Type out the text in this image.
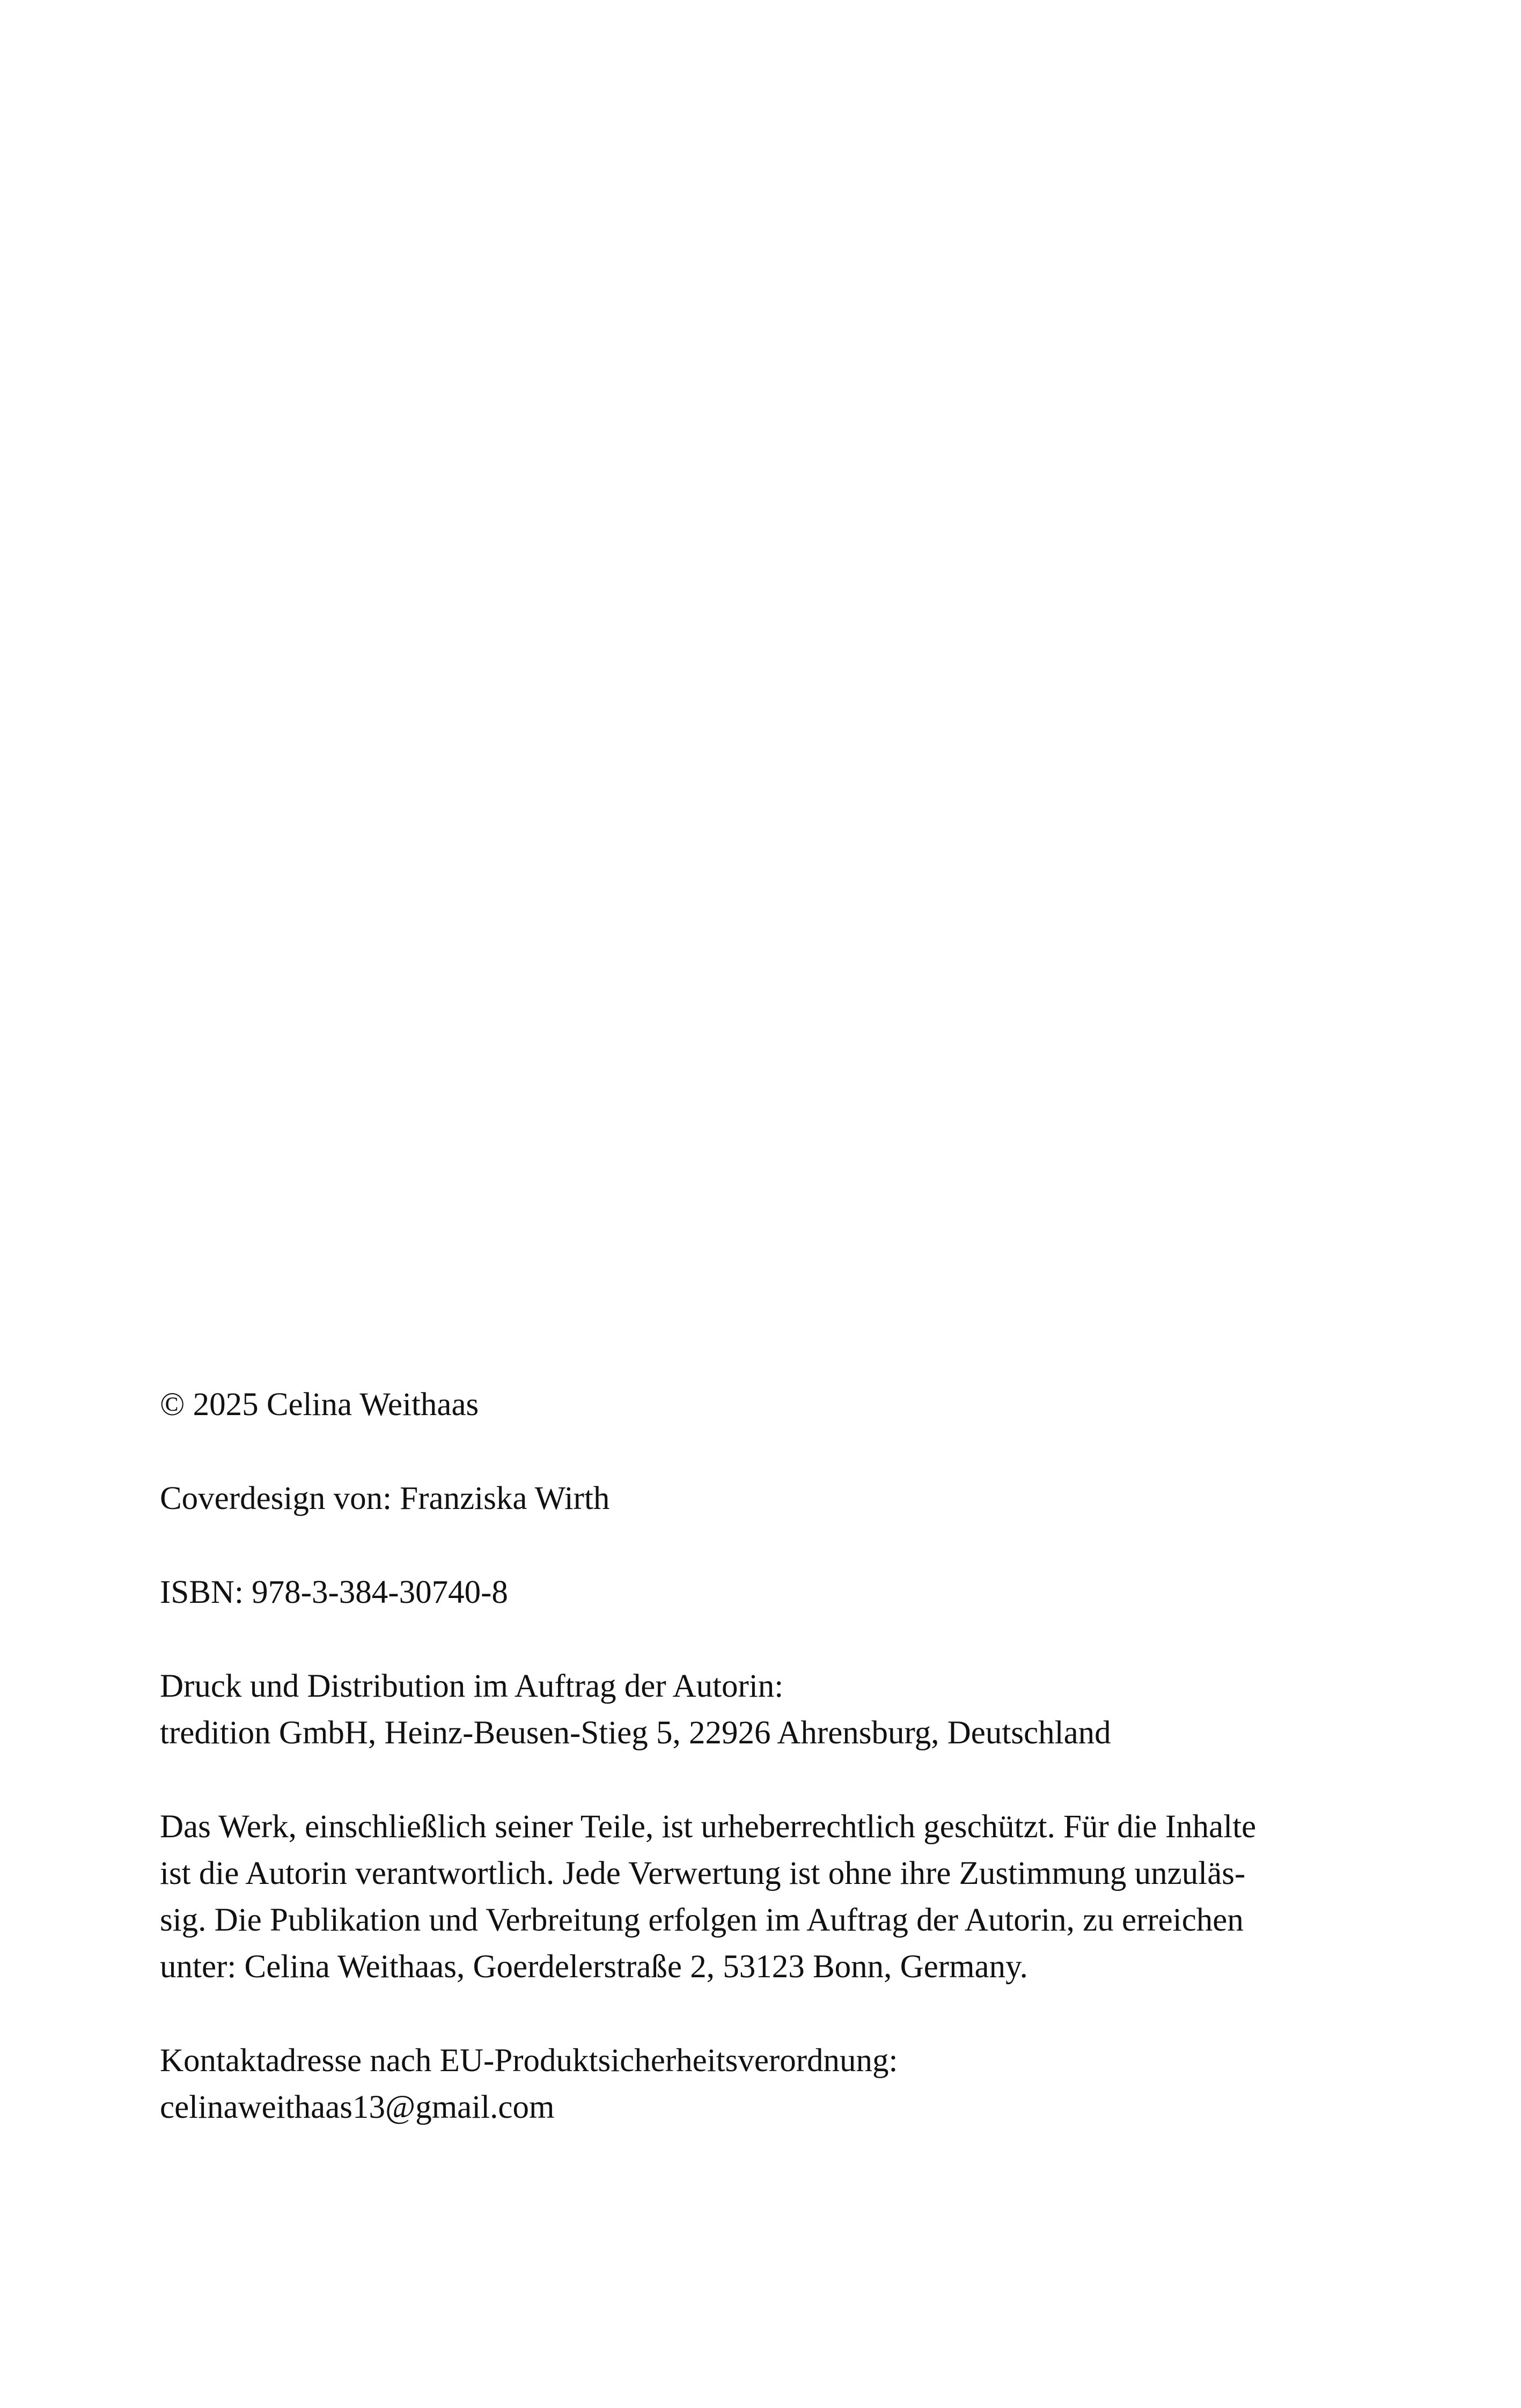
© 2025 Celina Weithaas

Coverdesign von: Franziska Wirth

ISBN: 978-3-384-30740-8

Druck und Distribution im Auftrag der Autorin:
tredition GmbH, Heinz-Beusen-Stieg 5, 22926 Ahrensburg, Deutschland

Das Werk, einschließlich seiner Teile, ist urheberrechtlich geschützt. Für die Inhalte
ist die Autorin verantwortlich. Jede Verwertung ist ohne ihre Zustimmung unzuläs-
sig. Die Publikation und Verbreitung erfolgen im Auftrag der Autorin, zu erreichen
unter: Celina Weithaas, Goerdelerstraße 2, 53123 Bonn, Germany.

Kontaktadresse nach EU-Produktsicherheitsverordnung:
celinaweithaas13@gmail.com
